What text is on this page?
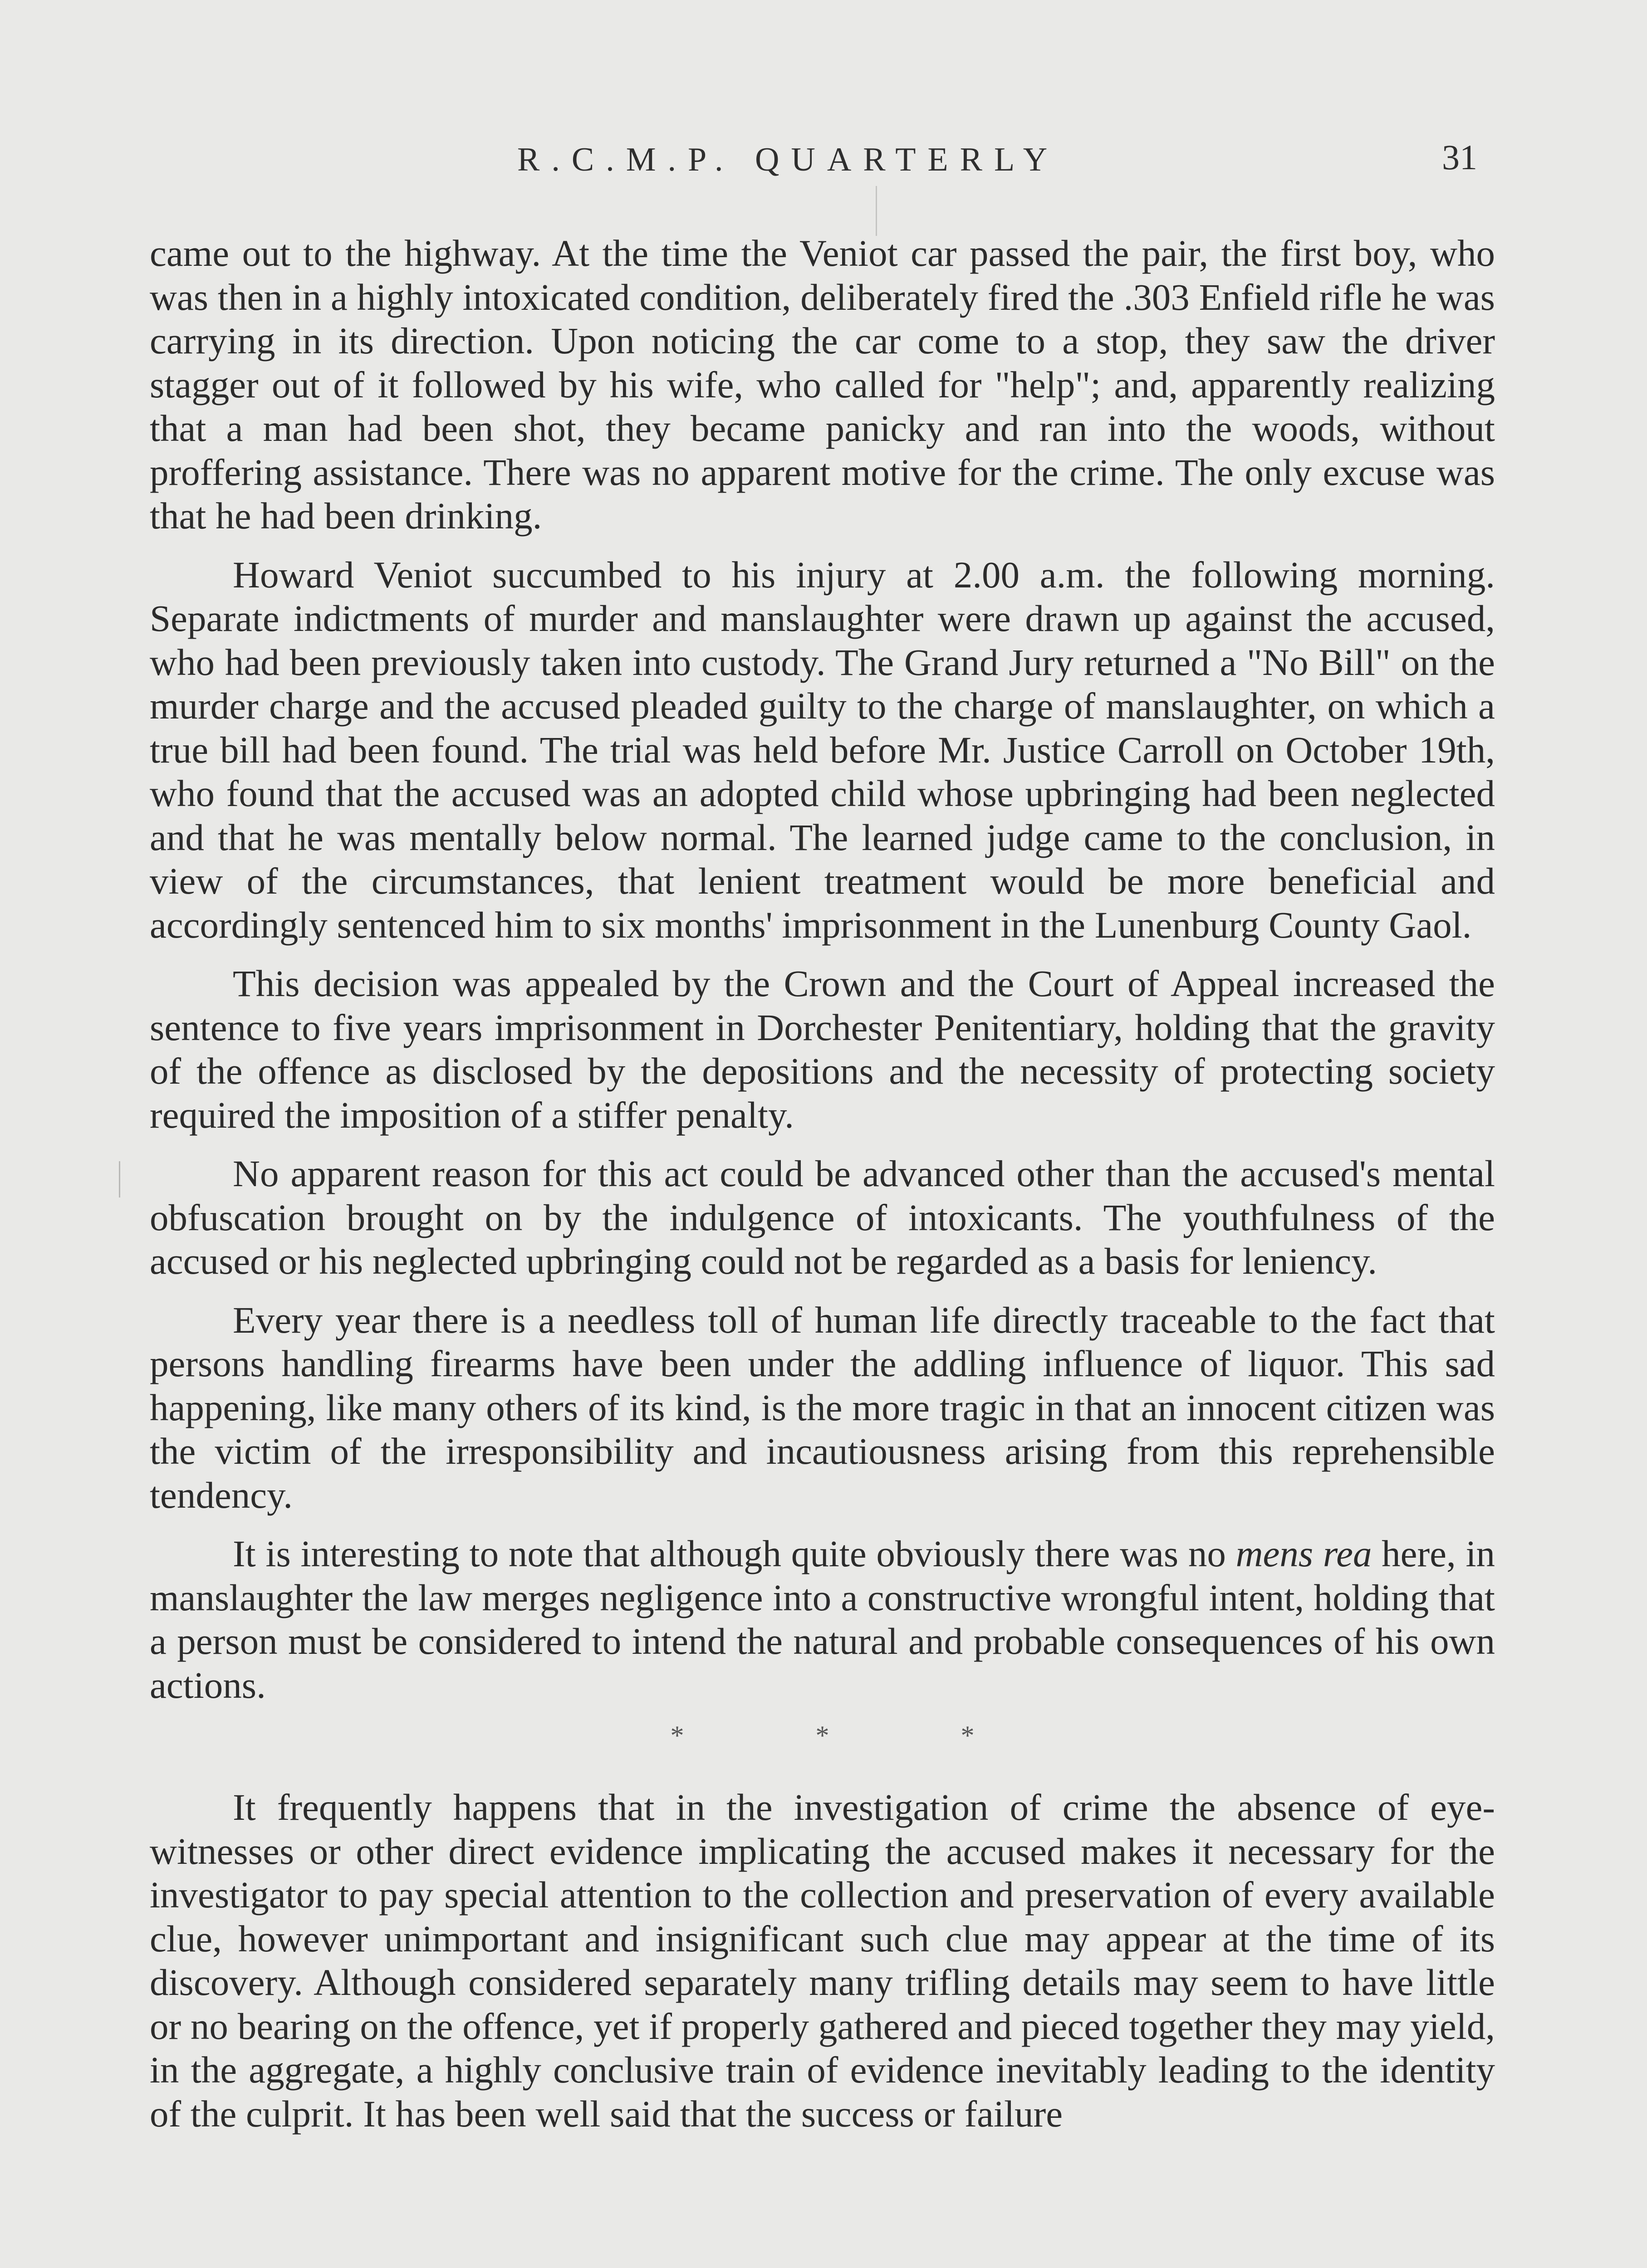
R.C.M.P. QUARTERLY	31

came out to the highway. At the time the Veniot car passed the pair, the first boy, who was then in a highly intoxicated condition, deliberately fired the .303 Enfield rifle he was carrying in its direction. Upon noticing the car come to a stop, they saw the driver stagger out of it followed by his wife, who called for "help"; and, apparently realizing that a man had been shot, they became panicky and ran into the woods, without proffering assistance. There was no apparent motive for the crime. The only excuse was that he had been drinking.

Howard Veniot succumbed to his injury at 2.00 a.m. the following morning. Separate indictments of murder and manslaughter were drawn up against the accused, who had been previously taken into custody. The Grand Jury returned a "No Bill" on the murder charge and the accused pleaded guilty to the charge of manslaughter, on which a true bill had been found. The trial was held before Mr. Justice Carroll on October 19th, who found that the accused was an adopted child whose upbringing had been neglected and that he was mentally below normal. The learned judge came to the conclusion, in view of the circumstances, that lenient treatment would be more beneficial and accordingly sentenced him to six months' imprisonment in the Lunenburg County Gaol.

This decision was appealed by the Crown and the Court of Appeal increased the sentence to five years imprisonment in Dorchester Penitentiary, holding that the gravity of the offence as disclosed by the depositions and the necessity of protecting society required the imposition of a stiffer penalty.

No apparent reason for this act could be advanced other than the accused's mental obfuscation brought on by the indulgence of intoxicants. The youthfulness of the accused or his neglected upbringing could not be regarded as a basis for leniency.

Every year there is a needless toll of human life directly traceable to the fact that persons handling firearms have been under the addling influence of liquor. This sad happening, like many others of its kind, is the more tragic in that an innocent citizen was the victim of the irresponsibility and incautiousness arising from this reprehensible tendency.

It is interesting to note that although quite obviously there was no mens rea here, in manslaughter the law merges negligence into a constructive wrongful intent, holding that a person must be considered to intend the natural and probable consequences of his own actions.

*	*	*

It frequently happens that in the investigation of crime the absence of eye-witnesses or other direct evidence implicating the accused makes it necessary for the investigator to pay special attention to the collection and preservation of every available clue, however unimportant and insignificant such clue may appear at the time of its discovery. Although considered separately many trifling details may seem to have little or no bearing on the offence, yet if properly gathered and pieced together they may yield, in the aggregate, a highly conclusive train of evidence inevitably leading to the identity of the culprit. It has been well said that the success or failure
